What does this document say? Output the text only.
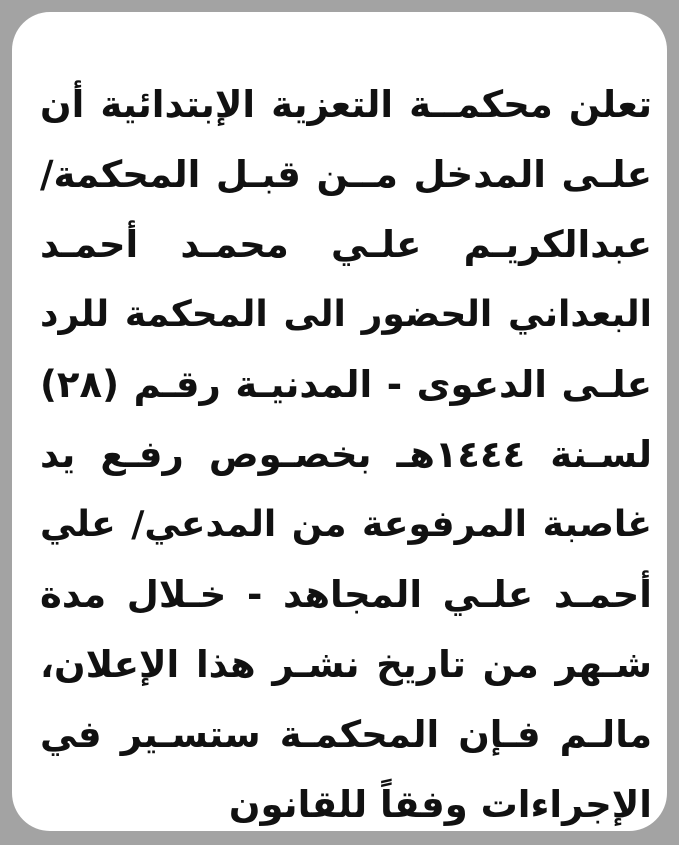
تعلن محكمــة التعزية الإبتدائية أن
علـى المدخل مــن قبـل المحكمة/
عبدالكريـم علـي محمـد أحمـد
البعداني الحضور الى المحكمة للرد
علـى الدعوى - المدنيـة رقـم (٢٨)
لسـنة ١٤٤٤هـ بخصـوص رفـع يد
غاصبة المرفوعة من المدعي/ علي
أحمـد علـي المجاهد - خـلال مدة
شـهر من تاريخ نشـر هذا الإعلان،
مالـم فـإن المحكمـة ستسـير في
الإجراءات وفقاً للقانون
